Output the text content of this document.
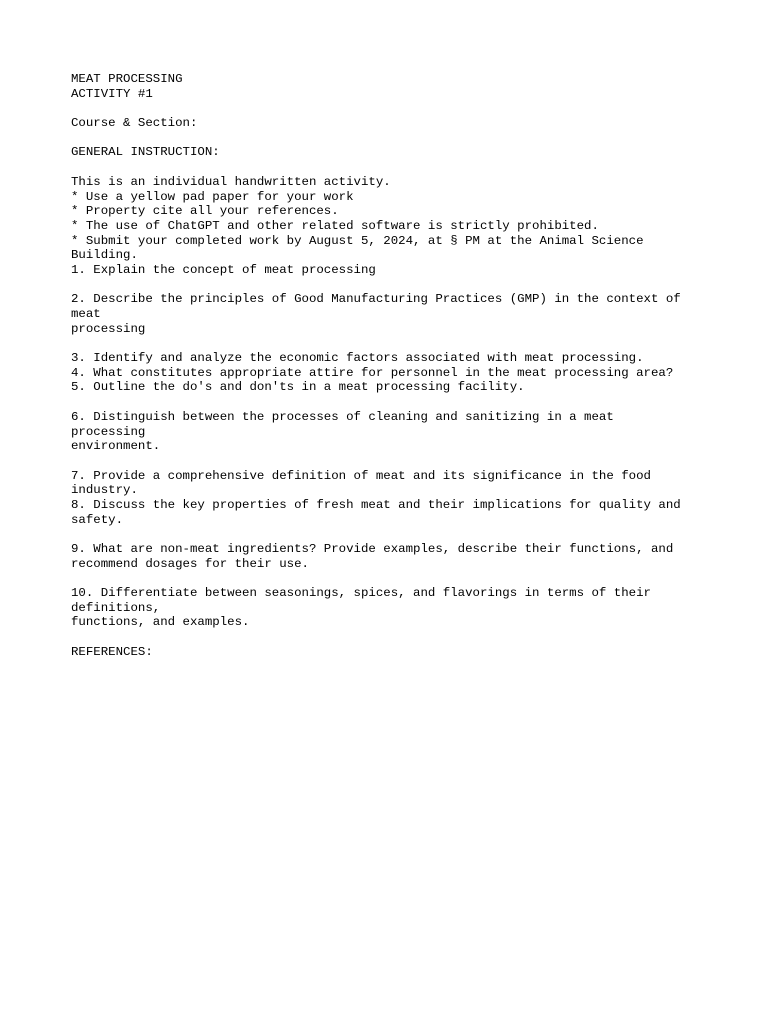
MEAT PROCESSING
ACTIVITY #1
Course & Section:
GENERAL INSTRUCTION:
This is an individual handwritten activity.
* Use a yellow pad paper for your work
* Property cite all your references.
* The use of ChatGPT and other related software is strictly prohibited.
* Submit your completed work by August 5, 2024, at § PM at the Animal Science
Building.
1. Explain the concept of meat processing
2. Describe the principles of Good Manufacturing Practices (GMP) in the context of
meat
processing
3. Identify and analyze the economic factors associated with meat processing.
4. What constitutes appropriate attire for personnel in the meat processing area?
5. Outline the do's and don'ts in a meat processing facility.
6. Distinguish between the processes of cleaning and sanitizing in a meat
processing
environment.
7. Provide a comprehensive definition of meat and its significance in the food
industry.
8. Discuss the key properties of fresh meat and their implications for quality and
safety.
9. What are non-meat ingredients? Provide examples, describe their functions, and
recommend dosages for their use.
10. Differentiate between seasonings, spices, and flavorings in terms of their
definitions,
functions, and examples.
REFERENCES:
